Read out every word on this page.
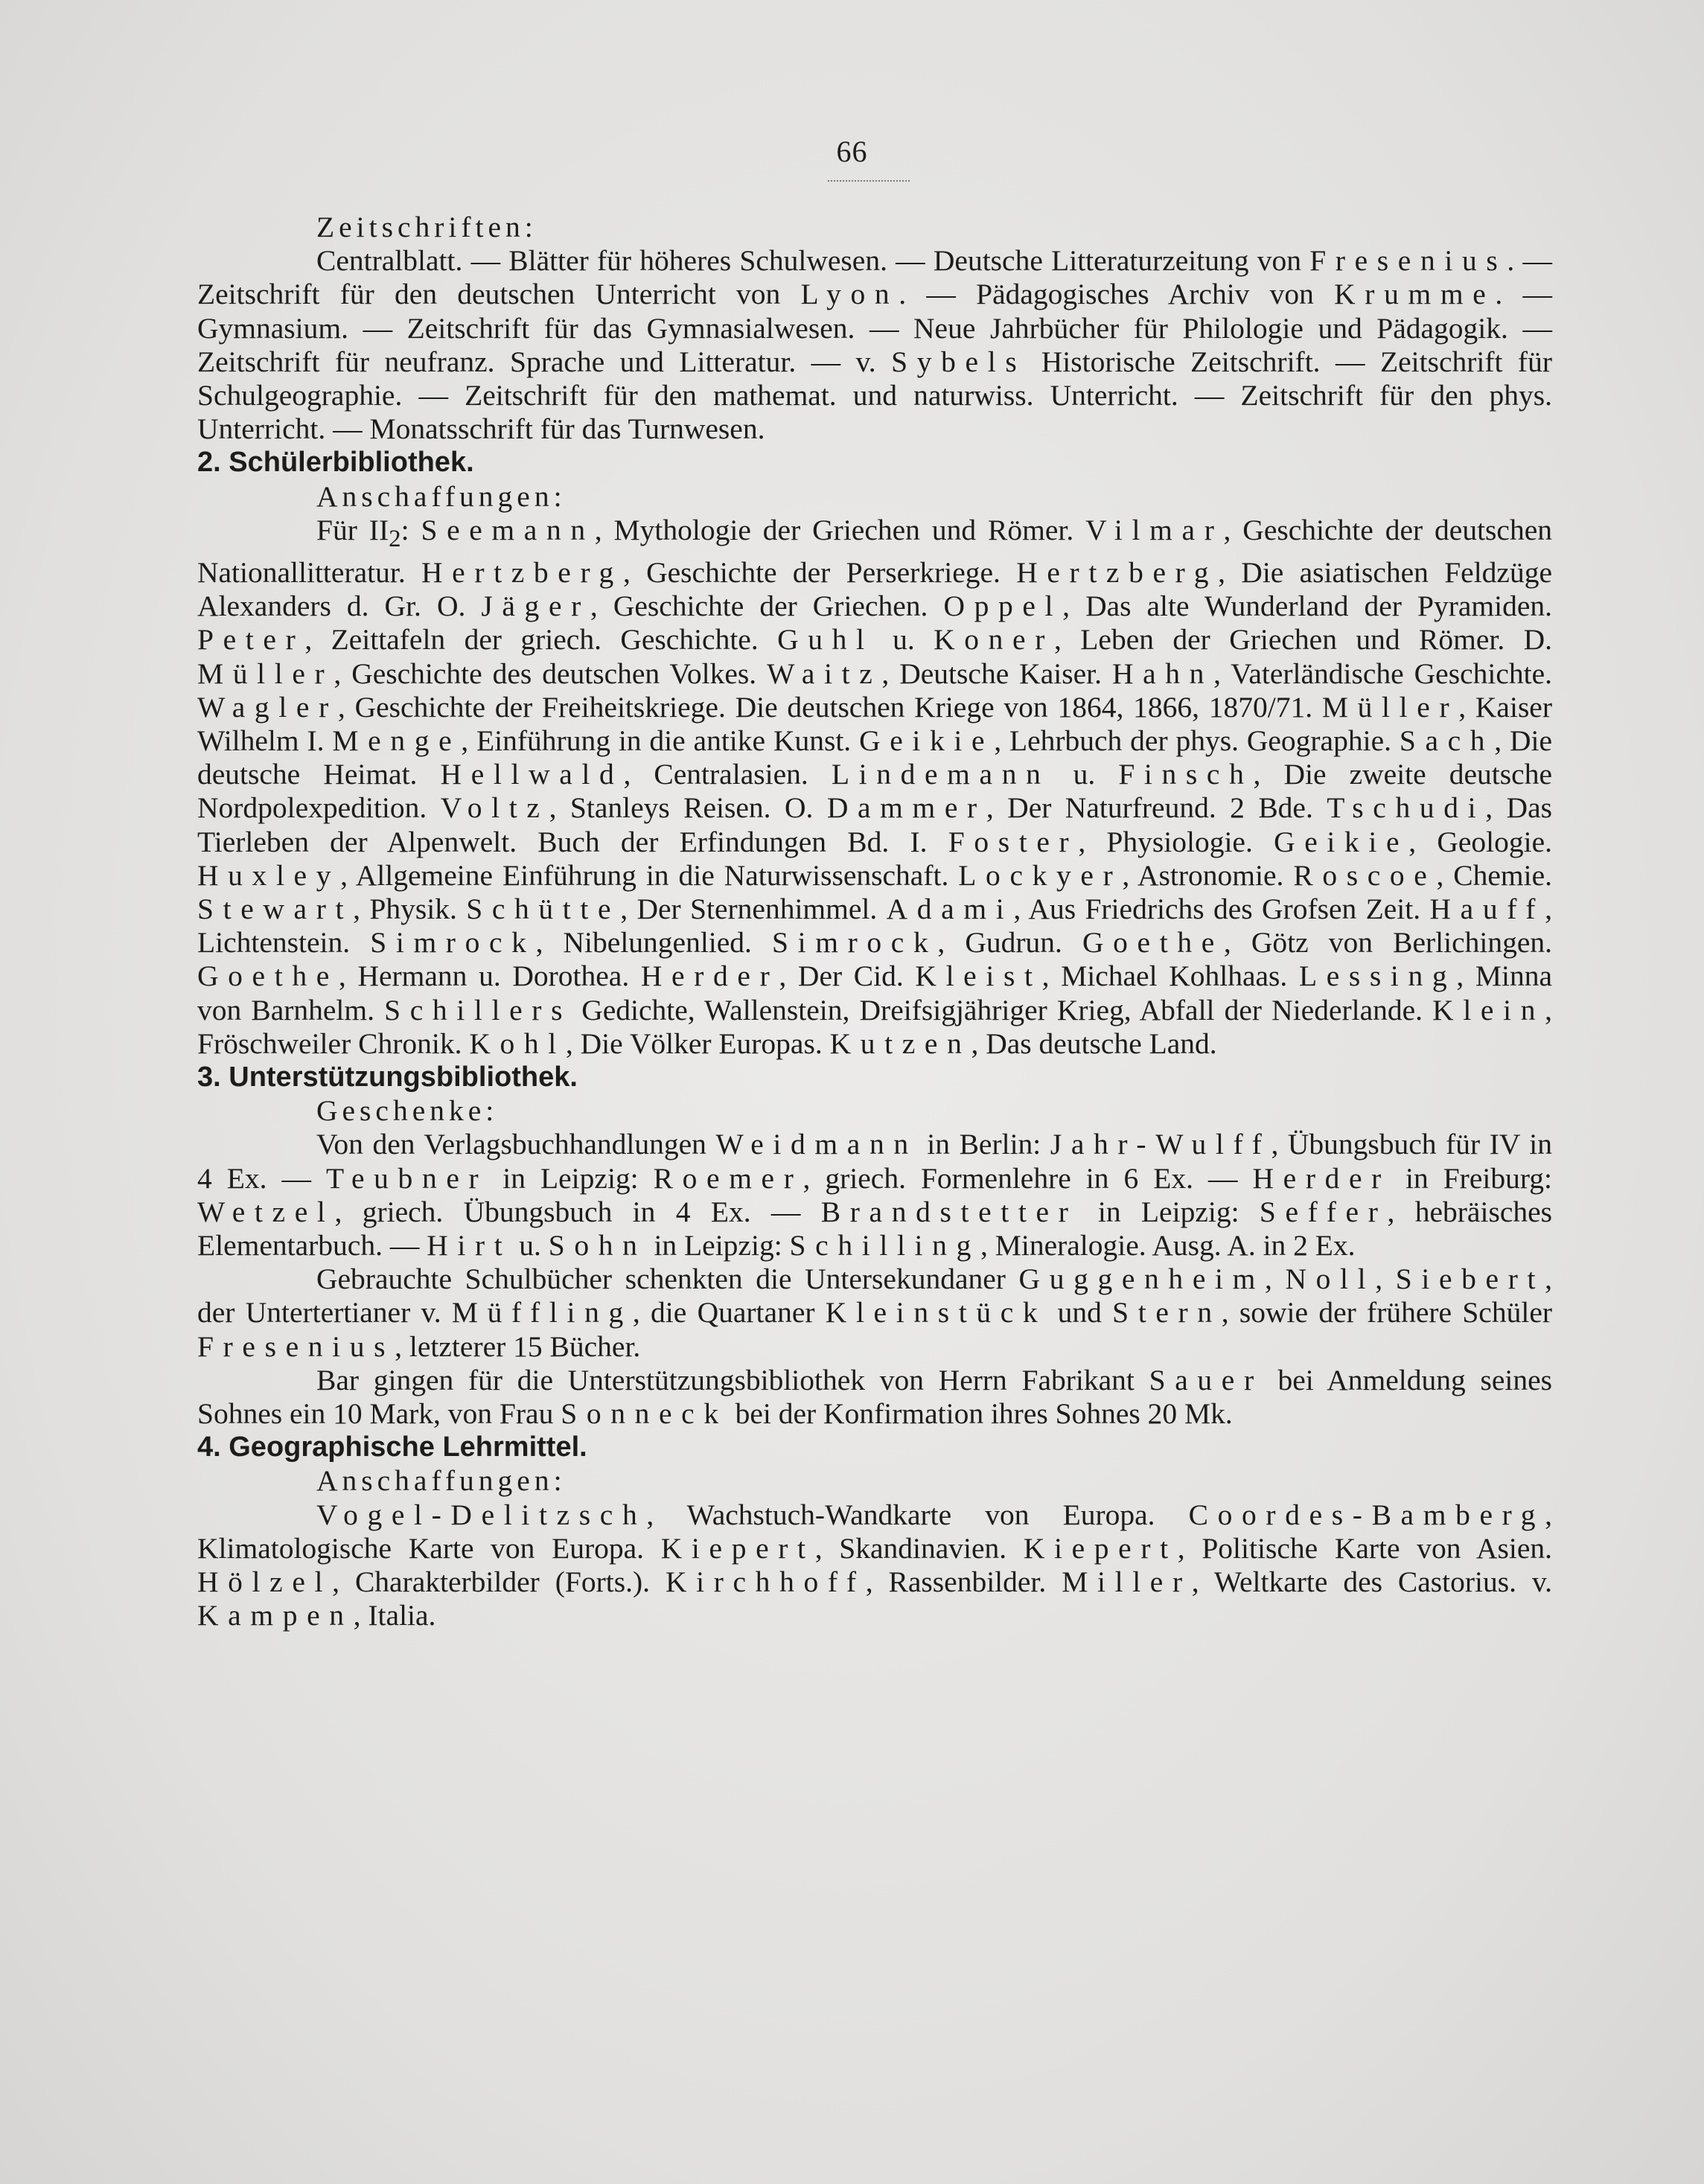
66

Zeitschriften:

Centralblatt. — Blätter für höheres Schulwesen. — Deutsche Litteraturzeitung von Fresenius. — Zeitschrift für den deutschen Unterricht von Lyon. — Pädagogisches Archiv von Krumme. — Gymnasium. — Zeitschrift für das Gymnasialwesen. — Neue Jahrbücher für Philologie und Pädagogik. — Zeitschrift für neufranz. Sprache und Litteratur. — v. Sybels Historische Zeitschrift. — Zeitschrift für Schulgeographie. — Zeitschrift für den mathemat. und naturwiss. Unterricht. — Zeitschrift für den phys. Unterricht. — Monatsschrift für das Turnwesen.

2. Schülerbibliothek.

Anschaffungen:

Für $II_2$: Seemann, Mythologie der Griechen und Römer. Vilmar, Geschichte der deutschen Nationallitteratur. Hertzberg, Geschichte der Perserkriege. Hertzberg, Die asiatischen Feldzüge Alexanders d. Gr. O. Jäger, Geschichte der Griechen. Oppel, Das alte Wunderland der Pyramiden. Peter, Zeittafeln der griech. Geschichte. Guhl u. Koner, Leben der Griechen und Römer. D. Müller, Geschichte des deutschen Volkes. Waitz, Deutsche Kaiser. Hahn, Vaterländische Geschichte. Wagler, Geschichte der Freiheitskriege. Die deutschen Kriege von 1864, 1866, 1870/71. Müller, Kaiser Wilhelm I. Menge, Einführung in die antike Kunst. Geikie, Lehrbuch der phys. Geographie. Sach, Die deutsche Heimat. Hellwald, Centralasien. Lindemann u. Finsch, Die zweite deutsche Nordpolexpedition. Voltz, Stanleys Reisen. O. Dammer, Der Naturfreund. 2 Bde. Tschudi, Das Tierleben der Alpenwelt. Buch der Erfindungen Bd. I. Foster, Physiologie. Geikie, Geologie. Huxley, Allgemeine Einführung in die Naturwissenschaft. Lockyer, Astronomie. Roscoe, Chemie. Stewart, Physik. Schütte, Der Sternenhimmel. Adami, Aus Friedrichs des Grofsen Zeit. Hauff, Lichtenstein. Simrock, Nibelungenlied. Simrock, Gudrun. Goethe, Götz von Berlichingen. Goethe, Hermann u. Dorothea. Herder, Der Cid. Kleist, Michael Kohlhaas. Lessing, Minna von Barnhelm. Schillers Gedichte, Wallenstein, Dreifsigjähriger Krieg, Abfall der Niederlande. Klein, Fröschweiler Chronik. Kohl, Die Völker Europas. Kutzen, Das deutsche Land.

3. Unterstützungsbibliothek.

Geschenke:

Von den Verlagsbuchhandlungen Weidmann in Berlin: Jahr-Wulff, Übungsbuch für IV in 4 Ex. — Teubner in Leipzig: Roemer, griech. Formenlehre in 6 Ex. — Herder in Freiburg: Wetzel, griech. Übungsbuch in 4 Ex. — Brandstetter in Leipzig: Seffer, hebräisches Elementarbuch. — Hirt u. Sohn in Leipzig: Schilling, Mineralogie. Ausg. A. in 2 Ex.

Gebrauchte Schulbücher schenkten die Untersekundaner Guggenheim, Noll, Siebert, der Untertertianer v. Müffling, die Quartaner Kleinstück und Stern, sowie der frühere Schüler Fresenius, letzterer 15 Bücher.

Bar gingen für die Unterstützungsbibliothek von Herrn Fabrikant Sauer bei Anmeldung seines Sohnes ein 10 Mark, von Frau Sonneck bei der Konfirmation ihres Sohnes 20 Mk.

4. Geographische Lehrmittel.

Anschaffungen:

Vogel-Delitzsch, Wachstuch-Wandkarte von Europa. Coordes-Bamberg, Klimatologische Karte von Europa. Kiepert, Skandinavien. Kiepert, Politische Karte von Asien. Hölzel, Charakterbilder (Forts.). Kirchhoff, Rassenbilder. Miller, Weltkarte des Castorius. v. Kampen, Italia.
